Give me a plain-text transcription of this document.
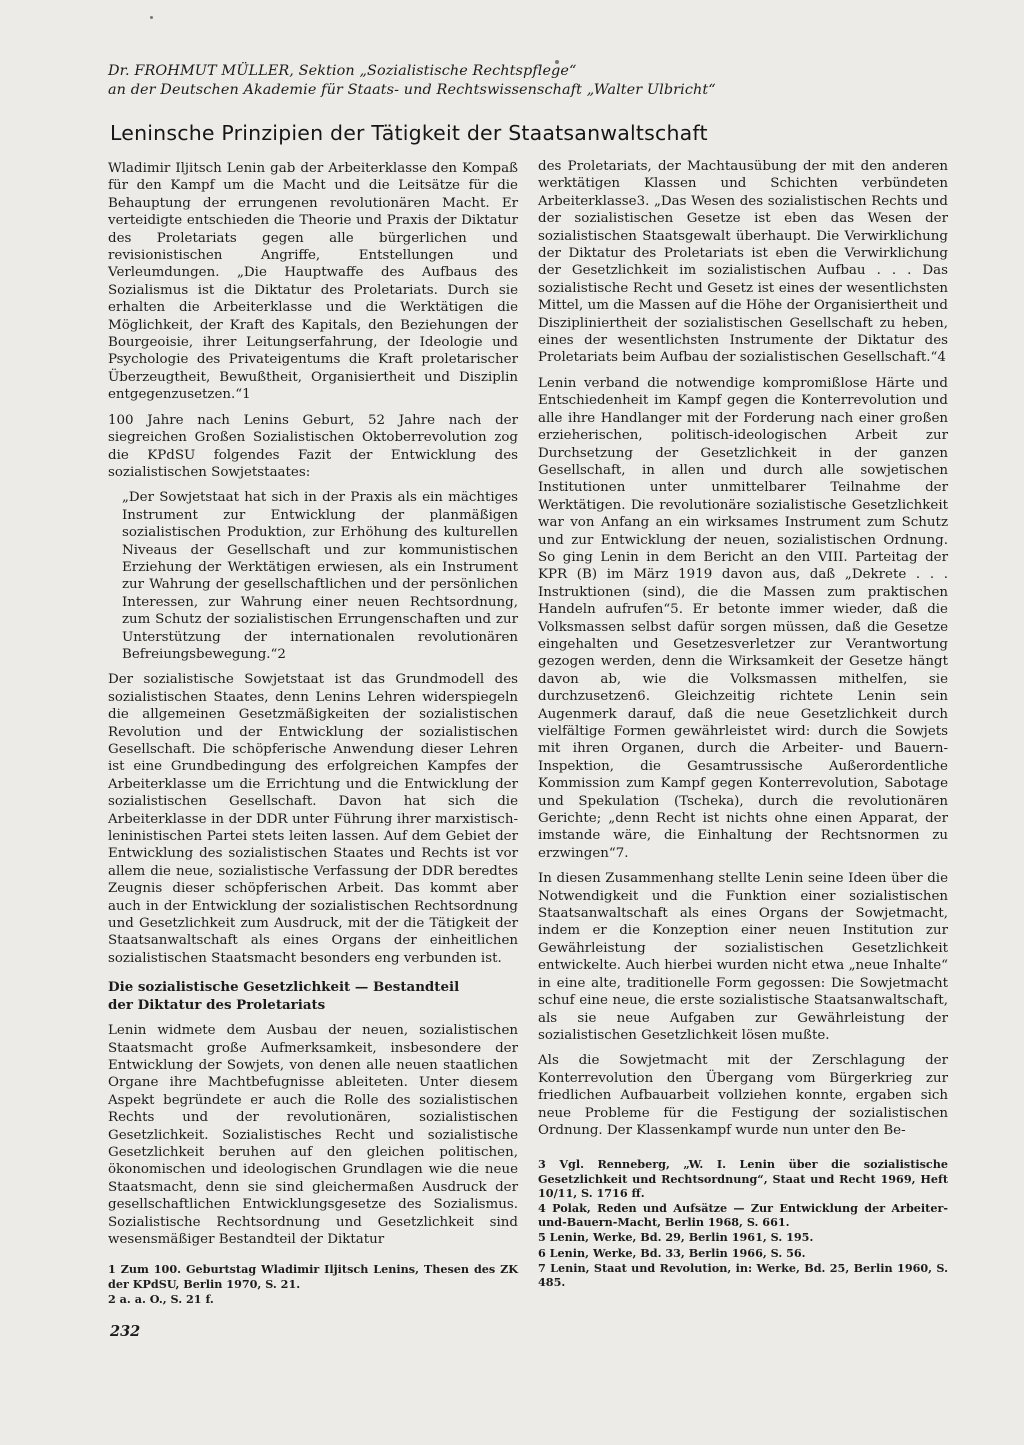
Dr. FROHMUT MÜLLER, Sektion „Sozialistische Rechtspflege“

an der Deutschen Akademie für Staats- und Rechtswissenschaft „Walter Ulbricht“

Leninsche Prinzipien der Tätigkeit der Staatsanwaltschaft

Wladimir Iljitsch Lenin gab der Arbeiterklasse den Kompaß für den Kampf um die Macht und die Leitsätze für die Behauptung der errungenen revolutionären Macht. Er verteidigte entschieden die Theorie und Praxis der Diktatur des Proletariats gegen alle bürgerlichen und revisionistischen Angriffe, Entstellungen und Verleumdungen. „Die Hauptwaffe des Aufbaus des Sozialismus ist die Diktatur des Proletariats. Durch sie erhalten die Arbeiterklasse und die Werktätigen die Möglichkeit, der Kraft des Kapitals, den Beziehungen der Bourgeoisie, ihrer Leitungserfahrung, der Ideologie und Psychologie des Privateigentums die Kraft proletarischer Überzeugtheit, Bewußtheit, Organisiertheit und Disziplin entgegenzusetzen.“1

100 Jahre nach Lenins Geburt, 52 Jahre nach der siegreichen Großen Sozialistischen Oktoberrevolution zog die KPdSU folgendes Fazit der Entwicklung des sozialistischen Sowjetstaates:

„Der Sowjetstaat hat sich in der Praxis als ein mächtiges Instrument zur Entwicklung der planmäßigen sozialistischen Produktion, zur Erhöhung des kulturellen Niveaus der Gesellschaft und zur kommunistischen Erziehung der Werktätigen erwiesen, als ein Instrument zur Wahrung der gesellschaftlichen und der persönlichen Interessen, zur Wahrung einer neuen Rechtsordnung, zum Schutz der sozialistischen Errungenschaften und zur Unterstützung der internationalen revolutionären Befreiungsbewegung.“2

Der sozialistische Sowjetstaat ist das Grundmodell des sozialistischen Staates, denn Lenins Lehren widerspiegeln die allgemeinen Gesetzmäßigkeiten der sozialistischen Revolution und der Entwicklung der sozialistischen Gesellschaft. Die schöpferische Anwendung dieser Lehren ist eine Grundbedingung des erfolgreichen Kampfes der Arbeiterklasse um die Errichtung und die Entwicklung der sozialistischen Gesellschaft. Davon hat sich die Arbeiterklasse in der DDR unter Führung ihrer marxistisch-leninistischen Partei stets leiten lassen. Auf dem Gebiet der Entwicklung des sozialistischen Staates und Rechts ist vor allem die neue, sozialistische Verfassung der DDR beredtes Zeugnis dieser schöpferischen Arbeit. Das kommt aber auch in der Entwicklung der sozialistischen Rechtsordnung und Gesetzlichkeit zum Ausdruck, mit der die Tätigkeit der Staatsanwaltschaft als eines Organs der einheitlichen sozialistischen Staatsmacht besonders eng verbunden ist.

Die sozialistische Gesetzlichkeit — Bestandteil
der Diktatur des Proletariats

Lenin widmete dem Ausbau der neuen, sozialistischen Staatsmacht große Aufmerksamkeit, insbesondere der Entwicklung der Sowjets, von denen alle neuen staatlichen Organe ihre Machtbefugnisse ableiteten. Unter diesem Aspekt begründete er auch die Rolle des sozialistischen Rechts und der revolutionären, sozialistischen Gesetzlichkeit. Sozialistisches Recht und sozialistische Gesetzlichkeit beruhen auf den gleichen politischen, ökonomischen und ideologischen Grundlagen wie die neue Staatsmacht, denn sie sind gleichermaßen Ausdruck der gesellschaftlichen Entwicklungsgesetze des Sozialismus. Sozialistische Rechtsordnung und Gesetzlichkeit sind wesensmäßiger Bestandteil der Diktatur

1 Zum 100. Geburtstag Wladimir Iljitsch Lenins, Thesen des ZK der KPdSU, Berlin 1970, S. 21.

2 a. a. O., S. 21 f.

des Proletariats, der Machtausübung der mit den anderen werktätigen Klassen und Schichten verbündeten Arbeiterklasse3. „Das Wesen des sozialistischen Rechts und der sozialistischen Gesetze ist eben das Wesen der sozialistischen Staatsgewalt überhaupt. Die Verwirklichung der Diktatur des Proletariats ist eben die Verwirklichung der Gesetzlichkeit im sozialistischen Aufbau . . . Das sozialistische Recht und Gesetz ist eines der wesentlichsten Mittel, um die Massen auf die Höhe der Organisiertheit und Diszipliniertheit der sozialistischen Gesellschaft zu heben, eines der wesentlichsten Instrumente der Diktatur des Proletariats beim Aufbau der sozialistischen Gesellschaft.“4

Lenin verband die notwendige kompromißlose Härte und Entschiedenheit im Kampf gegen die Konterrevolution und alle ihre Handlanger mit der Forderung nach einer großen erzieherischen, politisch-ideologischen Arbeit zur Durchsetzung der Gesetzlichkeit in der ganzen Gesellschaft, in allen und durch alle sowjetischen Institutionen unter unmittelbarer Teilnahme der Werktätigen. Die revolutionäre sozialistische Gesetzlichkeit war von Anfang an ein wirksames Instrument zum Schutz und zur Entwicklung der neuen, sozialistischen Ordnung. So ging Lenin in dem Bericht an den VIII. Parteitag der KPR (B) im März 1919 davon aus, daß „Dekrete . . . Instruktionen (sind), die die Massen zum praktischen Handeln aufrufen“5. Er betonte immer wieder, daß die Volksmassen selbst dafür sorgen müssen, daß die Gesetze eingehalten und Gesetzesverletzer zur Verantwortung gezogen werden, denn die Wirksamkeit der Gesetze hängt davon ab, wie die Volksmassen mithelfen, sie durchzusetzen6. Gleichzeitig richtete Lenin sein Augenmerk darauf, daß die neue Gesetzlichkeit durch vielfältige Formen gewährleistet wird: durch die Sowjets mit ihren Organen, durch die Arbeiter- und Bauern-Inspektion, die Gesamtrussische Außerordentliche Kommission zum Kampf gegen Konterrevolution, Sabotage und Spekulation (Tscheka), durch die revolutionären Gerichte; „denn Recht ist nichts ohne einen Apparat, der imstande wäre, die Einhaltung der Rechtsnormen zu erzwingen“7.

In diesen Zusammenhang stellte Lenin seine Ideen über die Notwendigkeit und die Funktion einer sozialistischen Staatsanwaltschaft als eines Organs der Sowjetmacht, indem er die Konzeption einer neuen Institution zur Gewährleistung der sozialistischen Gesetzlichkeit entwickelte. Auch hierbei wurden nicht etwa „neue Inhalte“ in eine alte, traditionelle Form gegossen: Die Sowjetmacht schuf eine neue, die erste sozialistische Staatsanwaltschaft, als sie neue Aufgaben zur Gewährleistung der sozialistischen Gesetzlichkeit lösen mußte.

Als die Sowjetmacht mit der Zerschlagung der Konterrevolution den Übergang vom Bürgerkrieg zur friedlichen Aufbauarbeit vollziehen konnte, ergaben sich neue Probleme für die Festigung der sozialistischen Ordnung. Der Klassenkampf wurde nun unter den Be-

3 Vgl. Renneberg, „W. I. Lenin über die sozialistische Gesetzlichkeit und Rechtsordnung“, Staat und Recht 1969, Heft 10/11, S. 1716 ff.

4 Polak, Reden und Aufsätze — Zur Entwicklung der Arbeiter-und-Bauern-Macht, Berlin 1968, S. 661.

5 Lenin, Werke, Bd. 29, Berlin 1961, S. 195.

6 Lenin, Werke, Bd. 33, Berlin 1966, S. 56.

7 Lenin, Staat und Revolution, in: Werke, Bd. 25, Berlin 1960, S. 485.

232
